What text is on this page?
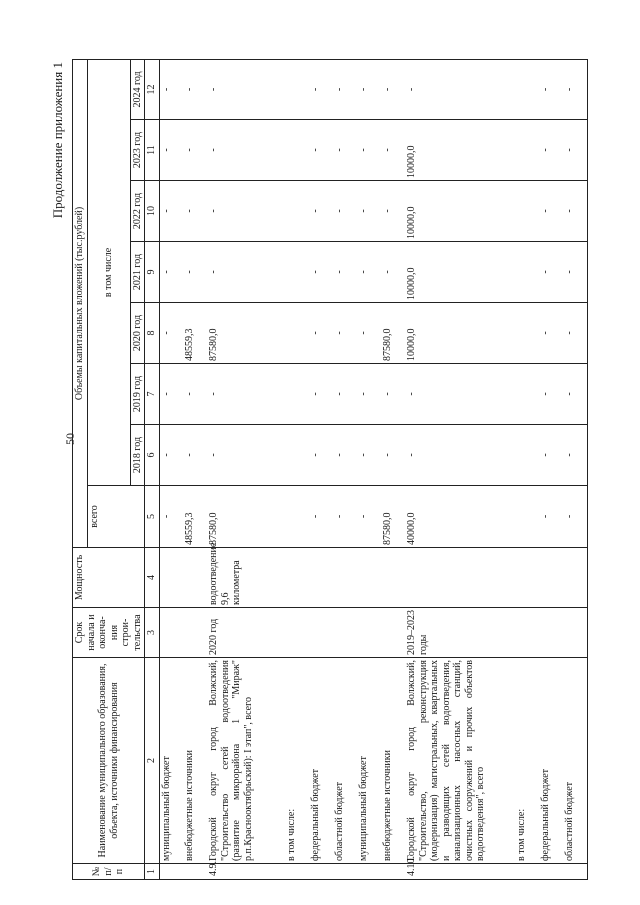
50
Продолжение приложения 1
№ п/п	Наименование муниципального образования, объекта, источники финансирования	Срок начала и оконча-ния строи-тельства	Мощность	Объемы капитальных вложений (тыс.рублей)							
				всего	в том числе						
					2018 год	2019 год	2020 год	2021 год	2022 год	2023 год	2024 год
1	2	3	4	5	6	7	8	9	10	11	12
	муниципальный бюджет			-	-	-	-	-	-	-	-
	внебюджетные источники			48559,3	-	-	48559,3	-	-	-	-
4.9.	Городской округ город Волжский, "Строительство сетей водоотведения (развитие микрорайона 1 "Мираж" р.п.Краснооктябрьский): I этап", всего	2020 год	водоотведение 9,6 километра	87580,0	-	-	87580,0	-	-	-	-
	в том числе:										
	федеральный бюджет			-	-	-	-	-	-	-	-
	областной бюджет			-	-	-	-	-	-	-	-
	муниципальный бюджет			-	-	-	-	-	-	-	-
	внебюджетные источники			87580,0	-	-	87580,0	-	-	-	-
4.10.	Городской округ город Волжский, "Строительство, реконструкция (модернизация) магистральных, квартальных и разводящих сетей водоотведения, канализационных насосных станций, очистных сооружений и прочих объектов водоотведения", всего	2019–2023 годы		40000,0	-	-	10000,0	10000,0	10000,0	10000,0	-
	в том числе:										
	федеральный бюджет			-	-	-	-	-	-	-	-
	областной бюджет			-	-	-	-	-	-	-	-
